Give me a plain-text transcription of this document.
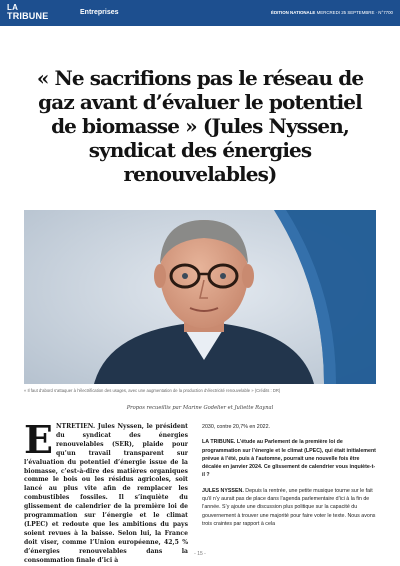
LA
TRIBUNE	Entreprises	ÉDITION NATIONALE MERCREDI 25 SEPTEMBRE · N°7700
« Ne sacrifions pas le réseau de gaz avant d’évaluer le potentiel de biomasse » (Jules Nyssen, syndicat des énergies renouvelables)
« Il faut d’abord s’attaquer à l’électrification des usages, avec une augmentation de la production d’électricité renouvelable » (Crédits : DR)
Propos recueillis par Marine Godelier et Juliette Raynal
ENTRETIEN. Jules Nyssen, le président du syndicat des énergies renouvelables (SER), plaide pour qu’un travail transparent sur l’évaluation du potentiel d’énergie issue de la biomasse, c’est-à-dire des matières organiques comme le bois ou les résidus agricoles, soit lancé au plus vite afin de remplacer les combustibles fossiles. Il s’inquiète du glissement de calendrier de la première loi de programmation sur l’énergie et le climat (LPEC) et redoute que les ambitions du pays soient revues à la baisse. Selon lui, la France doit viser, comme l’Union européenne, 42,5 % d’énergies renouvelables dans la consommation finale d’ici à

2030, contre 20,7% en 2022.

LA TRIBUNE. L’étude au Parlement de la première loi de programmation sur l’énergie et le climat (LPEC), qui était initialement prévue à l’été, puis à l’automne, pourrait une nouvelle fois être décalée en janvier 2024. Ce glissement de calendrier vous inquiète-t-il ?

JULES NYSSEN. Depuis la rentrée, une petite musique tourne sur le fait qu’il n’y aurait pas de place dans l’agenda parlementaire d’ici à la fin de l’année. S’y ajoute une discussion plus politique sur la capacité du gouvernement à trouver une majorité pour faire voter le texte. Nous avons trois craintes par rapport à cela

- 15 -
